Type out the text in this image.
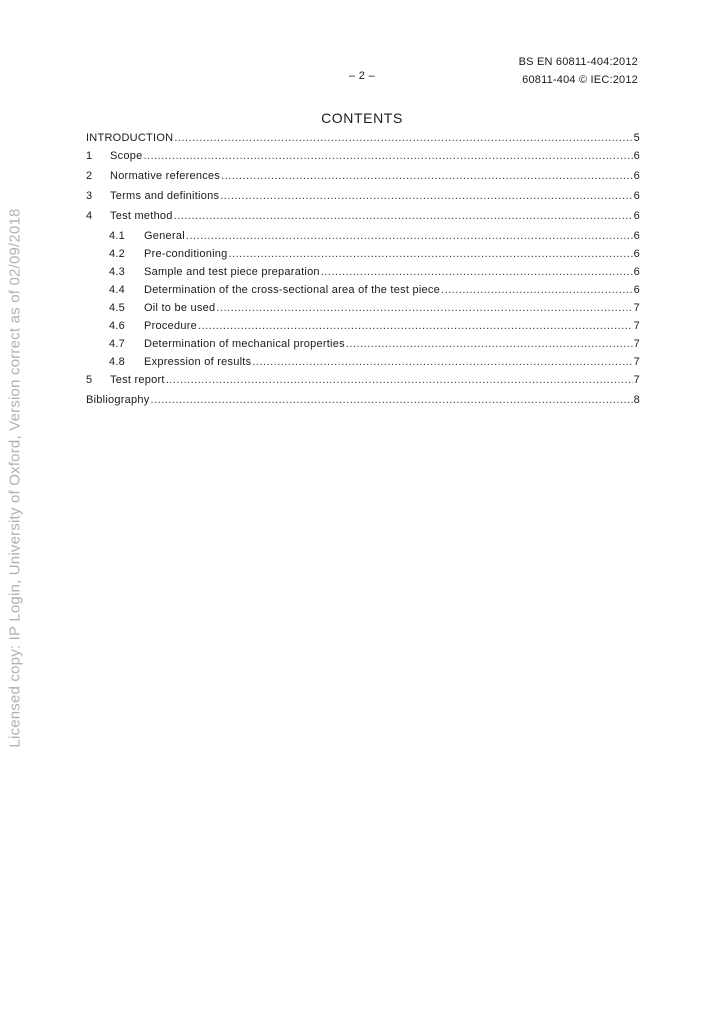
– 2 –
BS EN 60811-404:2012
60811-404 © IEC:2012
CONTENTS
INTRODUCTION .....	5
1	Scope .....	6
2	Normative references .....	6
3	Terms and definitions .....	6
4	Test method .....	6
4.1	General .....	6
4.2	Pre-conditioning .....	6
4.3	Sample and test piece preparation .....	6
4.4	Determination of the cross-sectional area of the test piece .....	6
4.5	Oil to be used .....	7
4.6	Procedure .....	7
4.7	Determination of mechanical properties .....	7
4.8	Expression of results .....	7
5	Test report .....	7
Bibliography .....	8
Licensed copy: IP Login, University of Oxford, Version correct as of 02/09/2018
